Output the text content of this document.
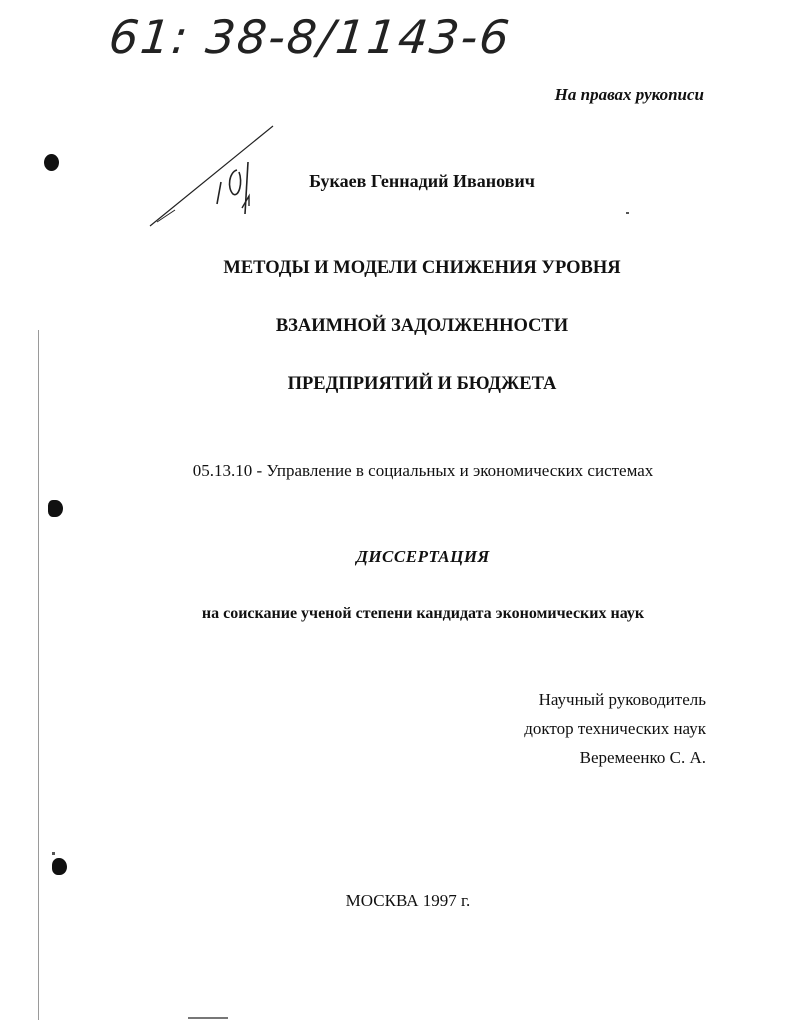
61: 38-8/1143-6
На правах рукописи
Букаев Геннадий Иванович
МЕТОДЫ И МОДЕЛИ СНИЖЕНИЯ УРОВНЯ
ВЗАИМНОЙ ЗАДОЛЖЕННОСТИ
ПРЕДПРИЯТИЙ И БЮДЖЕТА
05.13.10 - Управление в социальных и экономических системах
ДИССЕРТАЦИЯ
на соискание ученой степени кандидата экономических наук
Научный руководитель
доктор технических наук
Веремеенко С. А.
МОСКВА 1997 г.
